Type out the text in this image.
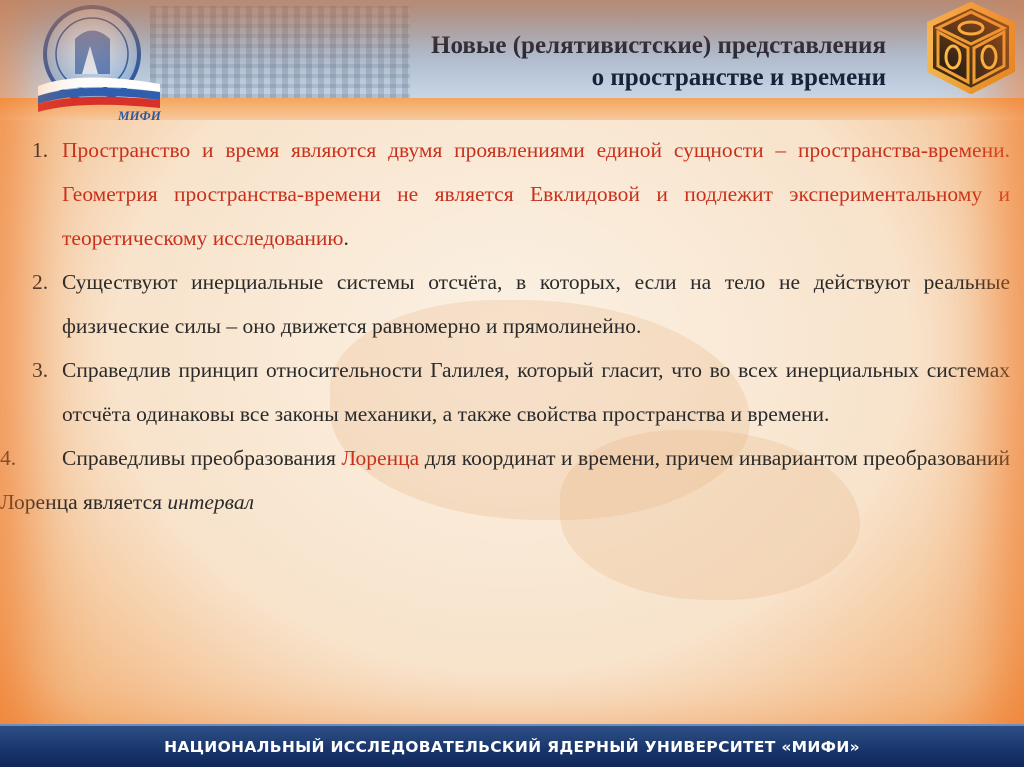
МИФИ
Новые (релятивистские) представления
о пространстве и времени
1. Пространство и время являются двумя проявлениями единой сущности – пространства-времени. Геометрия пространства-времени не является Евклидовой и подлежит экспериментальному и теоретическому исследованию.
2. Существуют инерциальные системы отсчёта, в которых, если на тело не действуют реальные физические силы – оно движется равномерно и прямолинейно.
3. Справедлив принцип относительности Галилея, который гласит, что во всех инерциальных системах отсчёта одинаковы все законы механики, а также свойства пространства и времени.
4. Справедливы преобразования Лоренца для координат и времени, причем инвариантом преобразований Лоренца является интервал
НАЦИОНАЛЬНЫЙ ИССЛЕДОВАТЕЛЬСКИЙ ЯДЕРНЫЙ УНИВЕРСИТЕТ «МИФИ»
